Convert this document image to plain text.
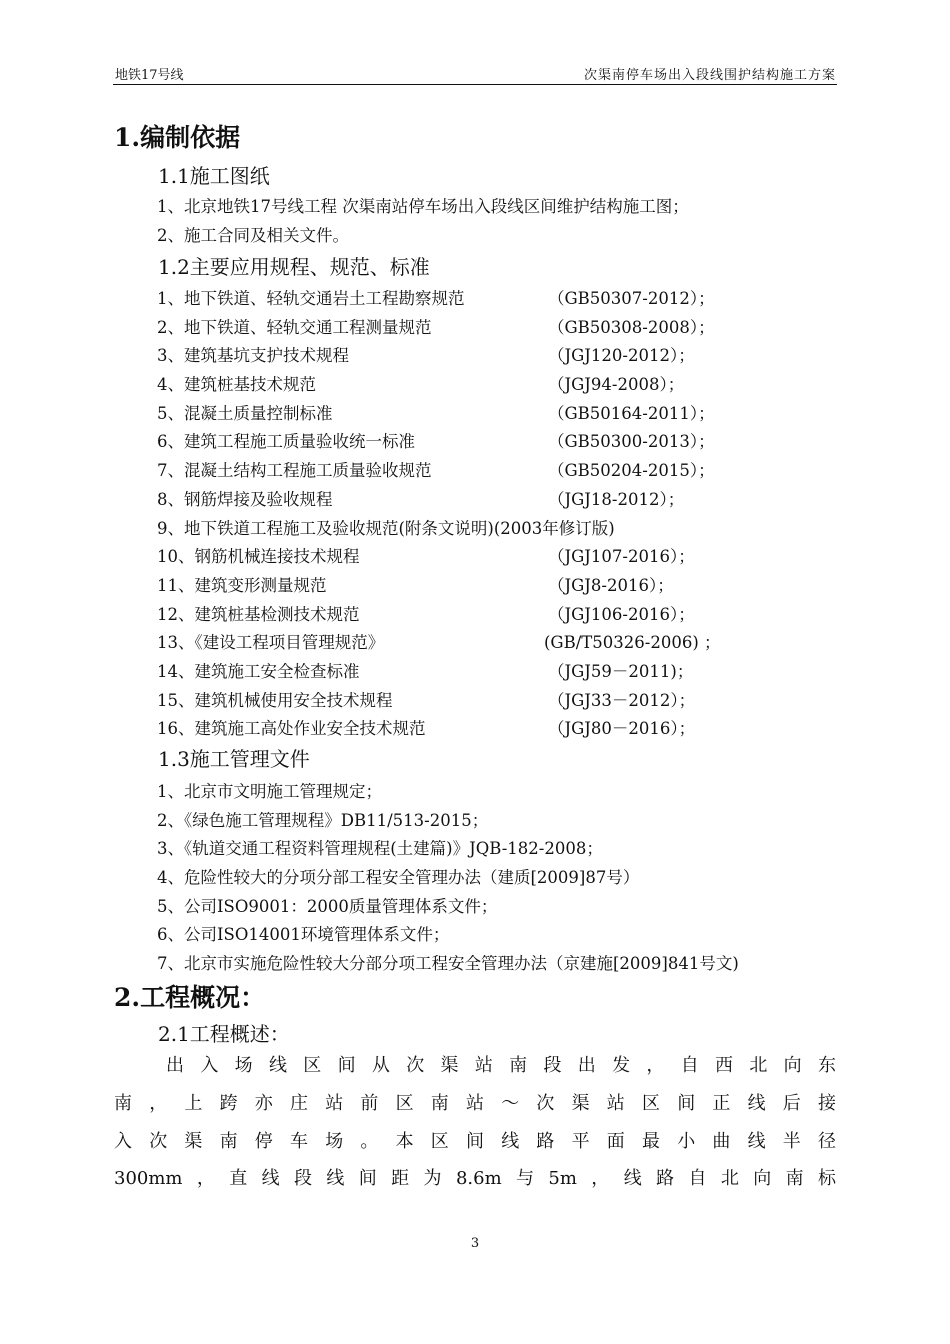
地铁17号线	次渠南停车场出入段线围护结构施工方案
1.编制依据
1.1施工图纸
1、北京地铁17号线工程 次渠南站停车场出入段线区间维护结构施工图；
2、施工合同及相关文件。
1.2主要应用规程、规范、标准
1、地下铁道、轻轨交通岩土工程勘察规范	（GB50307-2012）；
2、地下铁道、轻轨交通工程测量规范	（GB50308-2008）；
3、建筑基坑支护技术规程	（JGJ120-2012）；
4、建筑桩基技术规范	（JGJ94-2008）；
5、混凝土质量控制标准	（GB50164-2011）；
6、建筑工程施工质量验收统一标准	（GB50300-2013）；
7、混凝土结构工程施工质量验收规范	（GB50204-2015）；
8、钢筋焊接及验收规程	（JGJ18-2012）；
9、地下铁道工程施工及验收规范(附条文说明)(2003年修订版)
10、钢筋机械连接技术规程	（JGJ107-2016）；
11、建筑变形测量规范	（JGJ8-2016）；
12、建筑桩基检测技术规范	（JGJ106-2016）；
13、《建设工程项目管理规范》	(GB/T50326-2006) ；
14、建筑施工安全检查标准	（JGJ59－2011)；
15、建筑机械使用安全技术规程	（JGJ33－2012）；
16、建筑施工高处作业安全技术规范	（JGJ80－2016）；
1.3施工管理文件
1、北京市文明施工管理规定；
2、《绿色施工管理规程》DB11/513-2015；
3、《轨道交通工程资料管理规程(土建篇)》JQB-182-2008；
4、危险性较大的分项分部工程安全管理办法（建质[2009]87号）
5、公司ISO9001：2000质量管理体系文件；
6、公司ISO14001环境管理体系文件；
7、北京市实施危险性较大分部分项工程安全管理办法（京建施[2009]841号文)
2.工程概况：
2.1工程概述：
出入场线区间从次渠站南段出发，自西北向东
南，上跨亦庄站前区南站～次渠站区间正线后接
入次渠南停车场。本区间线路平面最小曲线半径
300mm，直线段线间距为8.6m与5m，线路自北向南标
3
